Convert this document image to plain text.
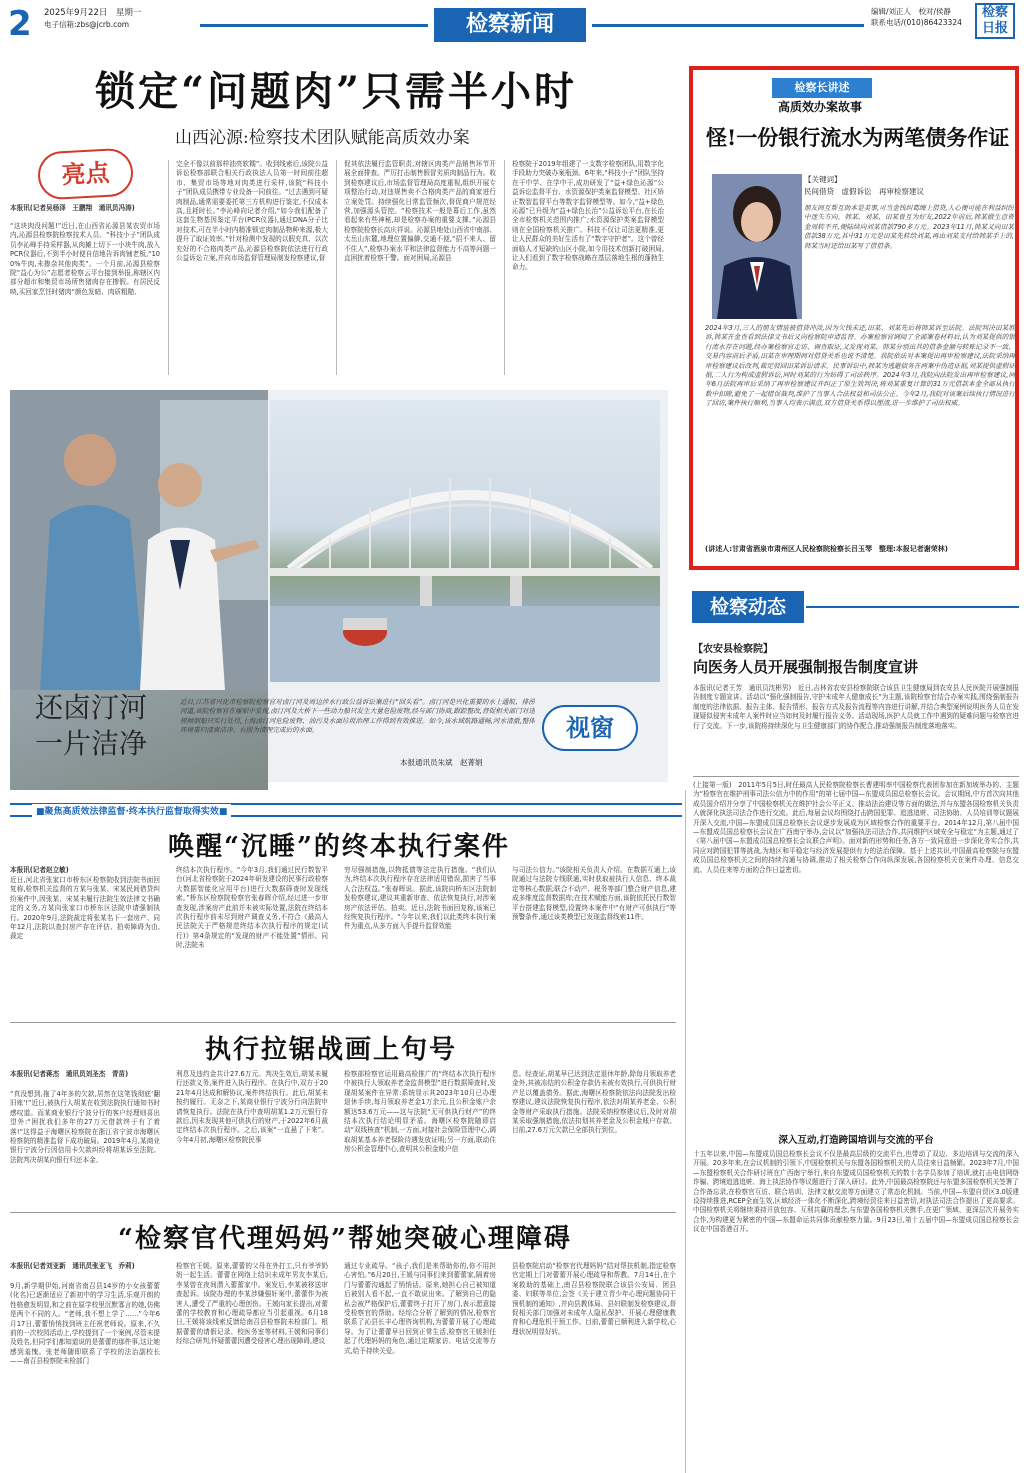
2 2025年9月22日　星期一
电子信箱:zbs@jcrb.com	检察新闻
编辑/刘正人　校对/侯静
联系电话/(010)86423324
检察日报
锁定“问题肉”只需半小时
山西沁源:检察技术团队赋能高质效办案
亮点
本报讯(记者吴杨泽　王鹏翔　通讯员冯涛)
“这块肉没问题!”近日,在山西省沁源县某农贸市场内,沁源县检察院检察技术人员、“科技小子”团队成员李沁峰手持采样器,从肉摊上切下一小块牛肉,放入PCR仪器后,不到半小时便自信地告诉肉铺老板,“100%牛肉,未掺杂其他肉类”。一个月前,沁源县检察院“益心为公”志愿者检察云平台接到举报,称辖区内部分超市和集贸市场所售猪肉存在掺假。有居民反映,买回家烹饪时猪肉“颜色发暗、肉质粗糙、
完全不像以前那样油亮软糯”。收到线索后,该院公益诉讼检察部联合相关行政执法人员第一时间前往超市、集贸市场等地对肉类进行采样,该院“科技小子”团队成员携带专业设备一同前往。“过去遇到可疑肉制品,通常需要委托第三方机构进行鉴定,不仅成本高,且耗时长。”李沁峰向记者介绍,“如今我们配备了这套生物基因鉴定平台(PCR仪器),通过DNA分子比对技术,可在半小时内精准锁定肉制品物种来源,极大提升了取证效率。”针对检测中发现的以假充真、以次充好的不合格肉类产品,沁源县检察院依法进行行政公益诉讼立案,并向市场监督管理局制发检察建议,督
促其依法履行监管职责,对辖区肉类产品销售环节开展全面排查。严厉打击制售假冒劣质肉制品行为。收到检察建议后,市场监督管理局高度重视,组织开展专项整治行动,对违规售卖不合格肉类产品的商家进行立案处罚。持续强化日常监管频次,督促商户规范经营,加强源头管控。“检察技术一般是幕后工作,虽然看起来有些神秘,却是检察办案的重要支撑。”沁源县检察院检察长高庆祥说。沁源县地处山西省中南部、太岳山东麓,地理位置偏僻,交通不便,“招不来人、留不住人”,检察办案水平和法律监督能力不高等问题一直困扰着检察干警。面对困局,沁源县
检察院于2019年组建了一支数字检察团队,用数字化手段助力突破办案瓶颈。6年来,“科技小子”团队坚持在干中学、在学中干,成功研发了“益+绿色沁源”公益诉讼监督平台、水资源保护类案监督模型、社区矫正数智监督平台等数字监督模型等。如今,“益+绿色沁源”已升级为“益+绿色长治”公益诉讼平台,在长治全市检察机关范围内推广;水资源保护类案监督模型则在全国检察机关推广。科技不仅让司法更精准,更让人民群众的美好生活有了“数字守护者”。这个曾经面临人才短缺的山区小院,如今用技术创新打破困局,让人们看到了数字检察战略在基层落地生根的蓬勃生命力。
还卤汀河
一片洁净
近日,江苏省兴化市检察院检察官对卤汀河及周边涉水行政公益诉讼案进行“回头看”。卤汀河是兴化重要的水上通航、排涝河道,该院检察官在履职中发现,卤汀河及大桥下一些动力船只发生大量危险废物,经与部门协商,跟踪整改,督促相关部门对违规倾倒船只实行处罚,上海卤汀河危险废物、油污及水面垃圾治理工作得到有效推进。如今,该水域航路通畅,河水清澈,整体环境重归清爽洁净。右图为清理完成后的水面。	视窗
本报通讯员朱斌　赵菁娟
检察长讲述
高质效办案故事
怪!一份银行流水为两笔债务作证
【关键词】
民间借贷　虚假诉讼　再审检察建议
朋友间互帮互助本是美事,可当金钱纠葛缠上借贷,人心便可能在利益纠纷中迷失方向。韩某、刘某、田某曾互为好友,2022年前后,韩某做生意资金周转不开,便陆续向刘某借款790多万元。2023年11月,韩某又向田某借款38万元,其中31万元是田某先转给刘某,再由刘某支付给韩某手上的,韩某当时还给田某写了借借条。
2024年3月,三人的朋友情谊被借贷冲淡,因为欠钱未还,田某、刘某先后将韩某诉至法院。法院判决田某胜诉,韩某在金查看到法律文书后又向检察院申请监督。办案检察官调阅了全部案卷材料后,认为刘某提供的银行流水存在问题,经办案检察官走访、调查取证,又发现刘某、韩某分别出具的借条金额与转账记录不一致、交易内容前后矛盾,田某在审理期间对借贷关系也说不清楚。我院依法对本案提出再审检察建议,法院采纳再审检察建议后改判,裁定驳回田某诉讼请求。民事诉讼中,韩某为逃避债务在两案中伪造证据,刘某提供虚假证据,二人行为构成虚假诉讼,同时刘某的行为妨碍了司法秩序。2024年3月,我院向法院发出再审检察建议,同年6月法院再审后采纳了再审检察建议并纠正了原生效判决,将刘某重复计算的31万元借款本金全部从执行数中扣除,避免了一起错误裁判,维护了当事人合法权益和司法公正。今年2月,我院对该案后续执行情况进行了回访,案件执行顺利,当事人均表示满意,双方借贷关系得以厘清,进一步维护了司法权威。
(讲述人:甘肃省酒泉市肃州区人民检察院检察长吕玉琴　整理:本报记者谢荣林)
检察动态
【农安县检察院】
向医务人员开展强制报告制度宣讲
本报讯(记者王芳　通讯员沈彬男)　近日,吉林省农安县检察院联合该县卫生健康局到农安县人民医院开展强制报告制度专题宣讲。活动以“强化强制报告,守护未成年人健康成长”为主题,该院检察官结合办案实践,围绕强制报告制度的法律依据、报告主体、报告情形、报告方式及报告流程等内容进行讲解,并结合典型案例说明医务人员在发现疑似侵害未成年人案件时应当如何及时履行报告义务。活动现场,医护人员就工作中遇到的疑难问题与检察官进行了交流。下一步,该院将持续深化与卫生健康部门的协作配合,推动强制报告制度落地落实。
(上接第一版)　2011年5月5日,时任最高人民检察院检察长曹建明率中国检察代表团参加在新加坡举办的、主题为“检察官在维护刑事司法公信力中的作用”的第七届中国—东盟成员国总检察长会议。会议期间,中方首次向其他成员国介绍并分享了中国检察机关在维护社会公平正义、推动法治建设等方面的做法,并与东盟各国检察机关负责人就深化执法司法合作进行交流。此后,每届会议均围绕打击跨国犯罪、追逃追赃、司法协助、人员培训等议题展开深入交流,中国—东盟成员国总检察长会议逐步发展成为区域检察合作的重要平台。2014年12月,第八届中国—东盟成员国总检察长会议在广西南宁举办,会议以“加强执法司法合作,共同维护区域安全与稳定”为主题,通过了《第八届中国—东盟成员国总检察长会议联合声明》。面对新的形势和任务,各方一致同意进一步深化务实合作,共同应对跨国犯罪等挑战,为地区和平稳定与经济发展提供有力的法治保障。基于上述共识,中国最高检察院与东盟成员国总检察机关之间的持续沟通与协调,推动了相关检察合作向纵深发展,各国检察机关在案件办理、信息交流、人员往来等方面的合作日益密切。
深入互动,打造跨国培训与交流的平台
十五年以来,中国—东盟成员国总检察长会议不仅是最高层级的交流平台,也带动了双边、多边培训与交流的深入开展。20多年来,在会议机制的引领下,中国检察机关与东盟各国检察机关的人员往来日益频繁。2023年7月,中国—东盟检察机关合作研讨班在广西南宁举行,来自东盟成员国检察机关的数十名学员参加了培训,就打击电信网络诈骗、跨境追逃追赃、海上执法协作等议题进行了深入研讨。此外,中国最高检察院还与东盟多国检察机关签署了合作备忘录,在检察官互访、联合培训、法律文献交流等方面建立了常态化机制。当前,中国—东盟自贸区3.0版建设持续推进,RCEP全面生效,区域经济一体化不断深化,跨境经贸往来日益密切,对执法司法合作提出了更高要求。中国检察机关将继续秉持开放包容、互利共赢的理念,与东盟各国检察机关携手,在更广领域、更深层次开展务实合作,为构建更为紧密的中国—东盟命运共同体贡献检察力量。9月23日,第十五届中国—东盟成员国总检察长会议在中国香港召开。
■聚焦高质效法律监督·终本执行监督取得实效■
唤醒“沉睡”的终本执行案件
本报讯(记者赵立敏)
近日,河北省张家口市桥东区检察院收到法院书面回复称,检察机关监督的方某与张某、宋某民间借贷纠纷案件中,因张某、宋某未履行法院生效法律文书确定的义务,方某向张家口市桥东区法院申请强制执行。2020年9月,法院裁定将张某名下一套房产、同年12月,法院以查封房产存在评估、拍卖障碍为由,裁定
终结本次执行程序。“今年3月,我们通过民行数智平台(河北省检察院于2024年研发建设的民事行政检察大数据智能化应用平台)进行大数据筛查时发现线索。”桥东区检察院检察官张春晖介绍,经过进一步审查发现,涉案房产此前并未被实际处置,法院在终结本次执行程序前未尽到财产调查义务,不符合《最高人民法院关于严格规范终结本次执行程序的规定(试行)》第4条规定的“发现的财产不能处置”情形。同时,法院未
穷尽强制措施,以物抵债等法定执行措施。“我们认为,终结本次执行程序存在法律适用错误,损害了当事人合法权益。”张春晖说。据此,该院向桥东区法院制发检察建议,建议其重新审查、依法恢复执行,对涉案房产依法评估、拍卖。近日,法院书面回复称,该案已经恢复执行程序。“今年以来,我们以此类终本执行案件为重点,从多方面入手提升监督效能
与司法公信力。”该院相关负责人介绍。在数据互通上,该院通过与法院专线联通,实时获取被执行人信息、终本裁定等核心数据;联合不动产、税务等部门整合财产信息,建成多维度监督数据库;在技术赋能方面,该院依托民行数智平台搭建监督模型,设置终本案件中“有财产可供执行”等预警条件,通过该类模型已发现监督线索11件。
执行拉锯战画上句号
本报讯(记者蒋杰　通讯员刘圣杰　青苗)
“真没想到,拖了4年多的欠款,居然在这笔钱彻底‘翻旧账’!”近日,被执行人胡某在收到法院执行通知书时感叹道。而某商业银行宁波分行的客户经理则喜出望外:“困扰我们多年的27万元借款终于有了着落!”这得益于海曙区检察院在浙江省宁波市海曙区检察院的精准监督下成功破局。2019年4月,某商业银行宁波分行因信用卡欠款纠纷将胡某诉至法院。法院判决胡某向银行归还本金、
利息及违约金共计27.6万元。判决生效后,胡某未履行还款义务,案件进入执行程序。在执行中,双方于2021年4月达成和解协议,案件终结执行。此后,胡某未按约履行。无奈之下,某商业银行宁波分行向法院申请恢复执行。法院在执行中查明胡某1.2万元银行存款后,因未发现其他可供执行的财产,于2022年6月裁定终结本次执行程序。之后,该案“一直悬了下来”。今年4月初,海曙区检察院民事
检察部检察官运用最高检推广的“终结本次执行程序中被执行人领取养老金监督模型”进行数据筛查时,发现胡某案件在异常:系统显示其2023年10月已办理退休手续,每月领取养老金1万余元,且公积金账户余额达53.6万元——这与法院“无可供执行财产”的终结本次执行结论明显矛盾。海曙区检察院随即启动“双线核查”机制,一方面,对接社会保险管理中心,调取胡某基本养老保险待遇发放证明;另一方面,联动住房公积金管理中心,查明其公积金账户信
息。经查证,胡某早已达到法定退休年龄,除每月领取养老金外,其被冻结的公积金存款仍未被有效执行,可供执行财产足以覆盖债务。据此,海曙区检察院依法向法院发出检察建议,建议法院恢复执行程序,依法对胡某养老金、公积金等财产采取执行措施。法院采纳检察建议后,及时对胡某采取强制措施,依法扣划其养老金及公积金账户存款。目前,27.6万元欠款已全部执行到位。
“检察官代理妈妈”帮她突破心理障碍
本报讯(记者刘亚新　通讯员张亚飞　乔莉)
9月,新学期伊始,河南省南召县14岁的小女孩蕾蕾(化名)已逐渐适应了新初中的学习生活,乐观开朗的性格愈发明显,和之前在原学校里沉默寡言的她,仿佛是两个不同的人。“老师,我不想上学了……”今年6月17日,蕾蕾悄悄找到班主任祝老师说。原来,不久前的一次校园活动上,学校提到了一个案例,尽管未提及姓名,但同学们都知道说的是蕾蕾的那件事,这让她感到羞愧。张老师随即联系了学校的法治副校长——南召县检察院未检部门
检察官王媛。原来,蕾蕾的父母在外打工,只有爷爷奶奶一起生活。蕾蕾在网络上结识未成年男友李某后,李某曾在夜间潜入蕾蕾家中。案发后,李某被移送审查起诉。该院办理的李某涉嫌强奸案中,蕾蕾作为被害人,遭受了严重的心理创伤。王媛向家长提出,对蕾蕾的学校教育和心理疏导都应当引起重视。6月18日,王媛将该线索反馈给南召县检察院未检部门。根据蕾蕾的请假记录、校医务室等材料,王媛和同事们经综合研判,怀疑蕾蕾因遭受侵害心理出现障碍,建议
通过专业疏导。“孩子,我们是来帮助你的,你不用担心害怕。”6月20日,王媛与同事们来到蕾蕾家,隔着房门与蕾蕾沟通起了悄悄话。原来,她担心自己被知道后被别人看不起,一直不敢说出来。了解到自己的隐私会被严格保护后,蕾蕾终于打开了房门,表示愿意接受检察官的帮助。经综合分析了解到的情况,检察官联系了沁县长丰心理咨询机构,为蕾蕾开展了心理疏导。为了让蕾蕾早日回到正常生活,检察官王媛担任起了代理妈妈的角色,通过定期家访、电话交流等方式,给予持续关爱。
县检察院启动“检察官代理妈妈”结对帮扶机制,指定检察官定期上门对蕾蕾开展心理疏导和帮教。7月14日,在个案救助的基础上,南召县检察院联合该县公安局、团县委、妇联等单位,会签《关于建立青少年心理问题协同干预机制的通知》,并向县教体局、县妇联制发检察建议,督促相关部门加强对未成年人隐私保护、开展心理健康教育和心理危机干预工作。目前,蕾蕾已顺利进入新学校,心理状况明显好转。
